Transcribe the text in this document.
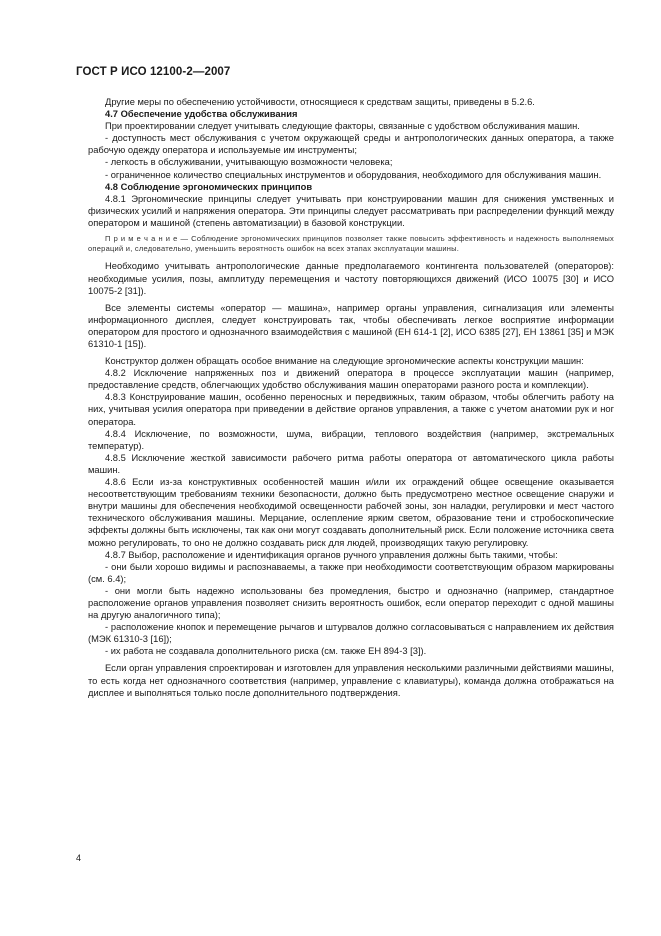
ГОСТ Р ИСО 12100-2—2007

Другие меры по обеспечению устойчивости, относящиеся к средствам защиты, приведены в 5.2.6.

4.7 Обеспечение удобства обслуживания

При проектировании следует учитывать следующие факторы, связанные с удобством обслуживания машин.

- доступность мест обслуживания с учетом окружающей среды и антропологических данных оператора, а также рабочую одежду оператора и используемые им инструменты;

- легкость в обслуживании, учитывающую возможности человека;

- ограниченное количество специальных инструментов и оборудования, необходимого для обслуживания машин.

4.8 Соблюдение эргономических принципов

4.8.1 Эргономические принципы следует учитывать при конструировании машин для снижения умственных и физических усилий и напряжения оператора. Эти принципы следует рассматривать при распределении функций между оператором и машиной (степень автоматизации) в базовой конструкции.

П р и м е ч а н и е — Соблюдение эргономических принципов позволяет также повысить эффективность и надежность выполняемых операций и, следовательно, уменьшить вероятность ошибок на всех этапах эксплуатации машины.

Необходимо учитывать антропологические данные предполагаемого контингента пользователей (операторов): необходимые усилия, позы, амплитуду перемещения и частоту повторяющихся движений (ИСО 10075 [30] и ИСО 10075-2 [31]).

Все элементы системы «оператор — машина», например органы управления, сигнализация или элементы информационного дисплея, следует конструировать так, чтобы обеспечивать легкое восприятие информации оператором для простого и однозначного взаимодействия с машиной (ЕН 614-1 [2], ИСО 6385 [27], ЕН 13861 [35] и МЭК 61310-1 [15]).

Конструктор должен обращать особое внимание на следующие эргономические аспекты конструкции машин:

4.8.2 Исключение напряженных поз и движений оператора в процессе эксплуатации машин (например, предоставление средств, облегчающих удобство обслуживания машин операторами разного роста и комплекции).

4.8.3 Конструирование машин, особенно переносных и передвижных, таким образом, чтобы облегчить работу на них, учитывая усилия оператора при приведении в действие органов управления, а также с учетом анатомии рук и ног оператора.

4.8.4 Исключение, по возможности, шума, вибрации, теплового воздействия (например, экстремальных температур).

4.8.5 Исключение жесткой зависимости рабочего ритма работы оператора от автоматического цикла работы машин.

4.8.6 Если из-за конструктивных особенностей машин и/или их ограждений общее освещение оказывается несоответствующим требованиям техники безопасности, должно быть предусмотрено местное освещение снаружи и внутри машины для обеспечения необходимой освещенности рабочей зоны, зон наладки, регулировки и мест частого технического обслуживания машины. Мерцание, ослепление ярким светом, образование тени и стробоскопические эффекты должны быть исключены, так как они могут создавать дополнительный риск. Если положение источника света можно регулировать, то оно не должно создавать риск для людей, производящих такую регулировку.

4.8.7 Выбор, расположение и идентификация органов ручного управления должны быть такими, чтобы:

- они были хорошо видимы и распознаваемы, а также при необходимости соответствующим образом маркированы (см. 6.4);

- они могли быть надежно использованы без промедления, быстро и однозначно (например, стандартное расположение органов управления позволяет снизить вероятность ошибок, если оператор переходит с одной машины на другую аналогичного типа);

- расположение кнопок и перемещение рычагов и штурвалов должно согласовываться с направлением их действия (МЭК 61310-3 [16]);

- их работа не создавала дополнительного риска (см. также ЕН 894-3 [3]).

Если орган управления спроектирован и изготовлен для управления несколькими различными действиями машины, то есть когда нет однозначного соответствия (например, управление с клавиатуры), команда должна отображаться на дисплее и выполняться только после дополнительного подтверждения.

4
